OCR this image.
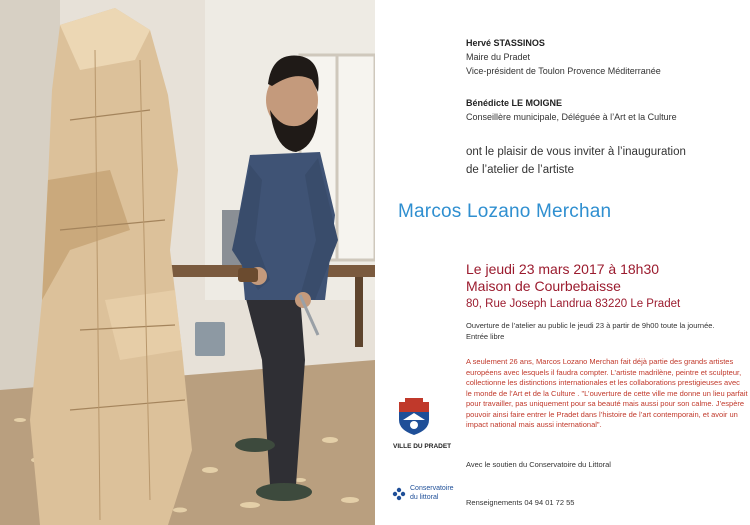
Hervé STASSINOS
Maire du Pradet
Vice-président de Toulon Provence Méditerranée
Bénédicte LE MOIGNE
Conseillère municipale, Déléguée à l’Art et la Culture
ont le plaisir de vous inviter à l’inauguration
de l’atelier de l’artiste
Marcos Lozano Merchan
Le jeudi 23 mars 2017 à 18h30
Maison de Courbebaisse
80, Rue Joseph Landrua 83220 Le Pradet
Ouverture de l’atelier au public le jeudi 23 à partir de 9h00 toute la journée.
Entrée libre
A seulement 26 ans, Marcos Lozano Merchan fait déjà partie des grands artistes
européens avec lesquels il faudra compter. L’artiste madrilène, peintre et sculpteur,
collectionne les distinctions internationales et les collaborations prestigieuses avec
le monde de l’Art et de la Culture . "L’ouverture de cette ville me donne un lieu parfait
pour travailler, pas uniquement pour sa beauté mais aussi pour son calme. J’espère
pouvoir ainsi faire entrer le Pradet dans l’histoire de l’art contemporain, et avoir un
impact national mais aussi international".
VILLE DU PRADET
Avec le soutien du Conservatoire du Littoral
Conservatoire
du littoral
Renseignements 04 94 01 72 55
